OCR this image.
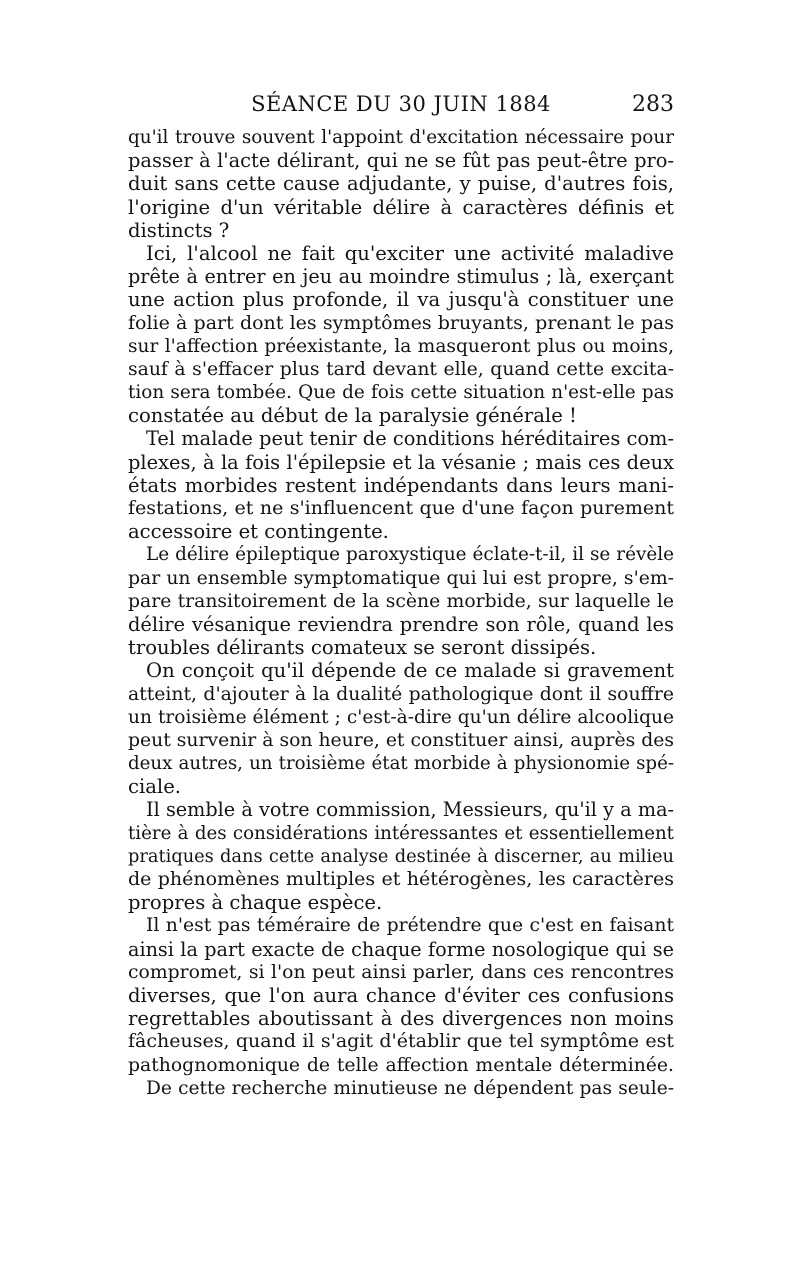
SÉANCE DU 30 JUIN 1884	283
qu'il trouve souvent l'appoint d'excitation nécessaire pour
passer à l'acte délirant, qui ne se fût pas peut-être pro-
duit sans cette cause adjudante, y puise, d'autres fois,
l'origine d'un véritable délire à caractères définis et
distincts ?
Ici, l'alcool ne fait qu'exciter une activité maladive
prête à entrer en jeu au moindre stimulus ; là, exerçant
une action plus profonde, il va jusqu'à constituer une
folie à part dont les symptômes bruyants, prenant le pas
sur l'affection préexistante, la masqueront plus ou moins,
sauf à s'effacer plus tard devant elle, quand cette excita-
tion sera tombée. Que de fois cette situation n'est-elle pas
constatée au début de la paralysie générale !
Tel malade peut tenir de conditions héréditaires com-
plexes, à la fois l'épilepsie et la vésanie ; mais ces deux
états morbides restent indépendants dans leurs mani-
festations, et ne s'influencent que d'une façon purement
accessoire et contingente.
Le délire épileptique paroxystique éclate-t-il, il se révèle
par un ensemble symptomatique qui lui est propre, s'em-
pare transitoirement de la scène morbide, sur laquelle le
délire vésanique reviendra prendre son rôle, quand les
troubles délirants comateux se seront dissipés.
On conçoit qu'il dépende de ce malade si gravement
atteint, d'ajouter à la dualité pathologique dont il souffre
un troisième élément ; c'est-à-dire qu'un délire alcoolique
peut survenir à son heure, et constituer ainsi, auprès des
deux autres, un troisième état morbide à physionomie spé-
ciale.
Il semble à votre commission, Messieurs, qu'il y a ma-
tière à des considérations intéressantes et essentiellement
pratiques dans cette analyse destinée à discerner, au milieu
de phénomènes multiples et hétérogènes, les caractères
propres à chaque espèce.
Il n'est pas téméraire de prétendre que c'est en faisant
ainsi la part exacte de chaque forme nosologique qui se
compromet, si l'on peut ainsi parler, dans ces rencontres
diverses, que l'on aura chance d'éviter ces confusions
regrettables aboutissant à des divergences non moins
fâcheuses, quand il s'agit d'établir que tel symptôme est
pathognomonique de telle affection mentale déterminée.
De cette recherche minutieuse ne dépendent pas seule-
